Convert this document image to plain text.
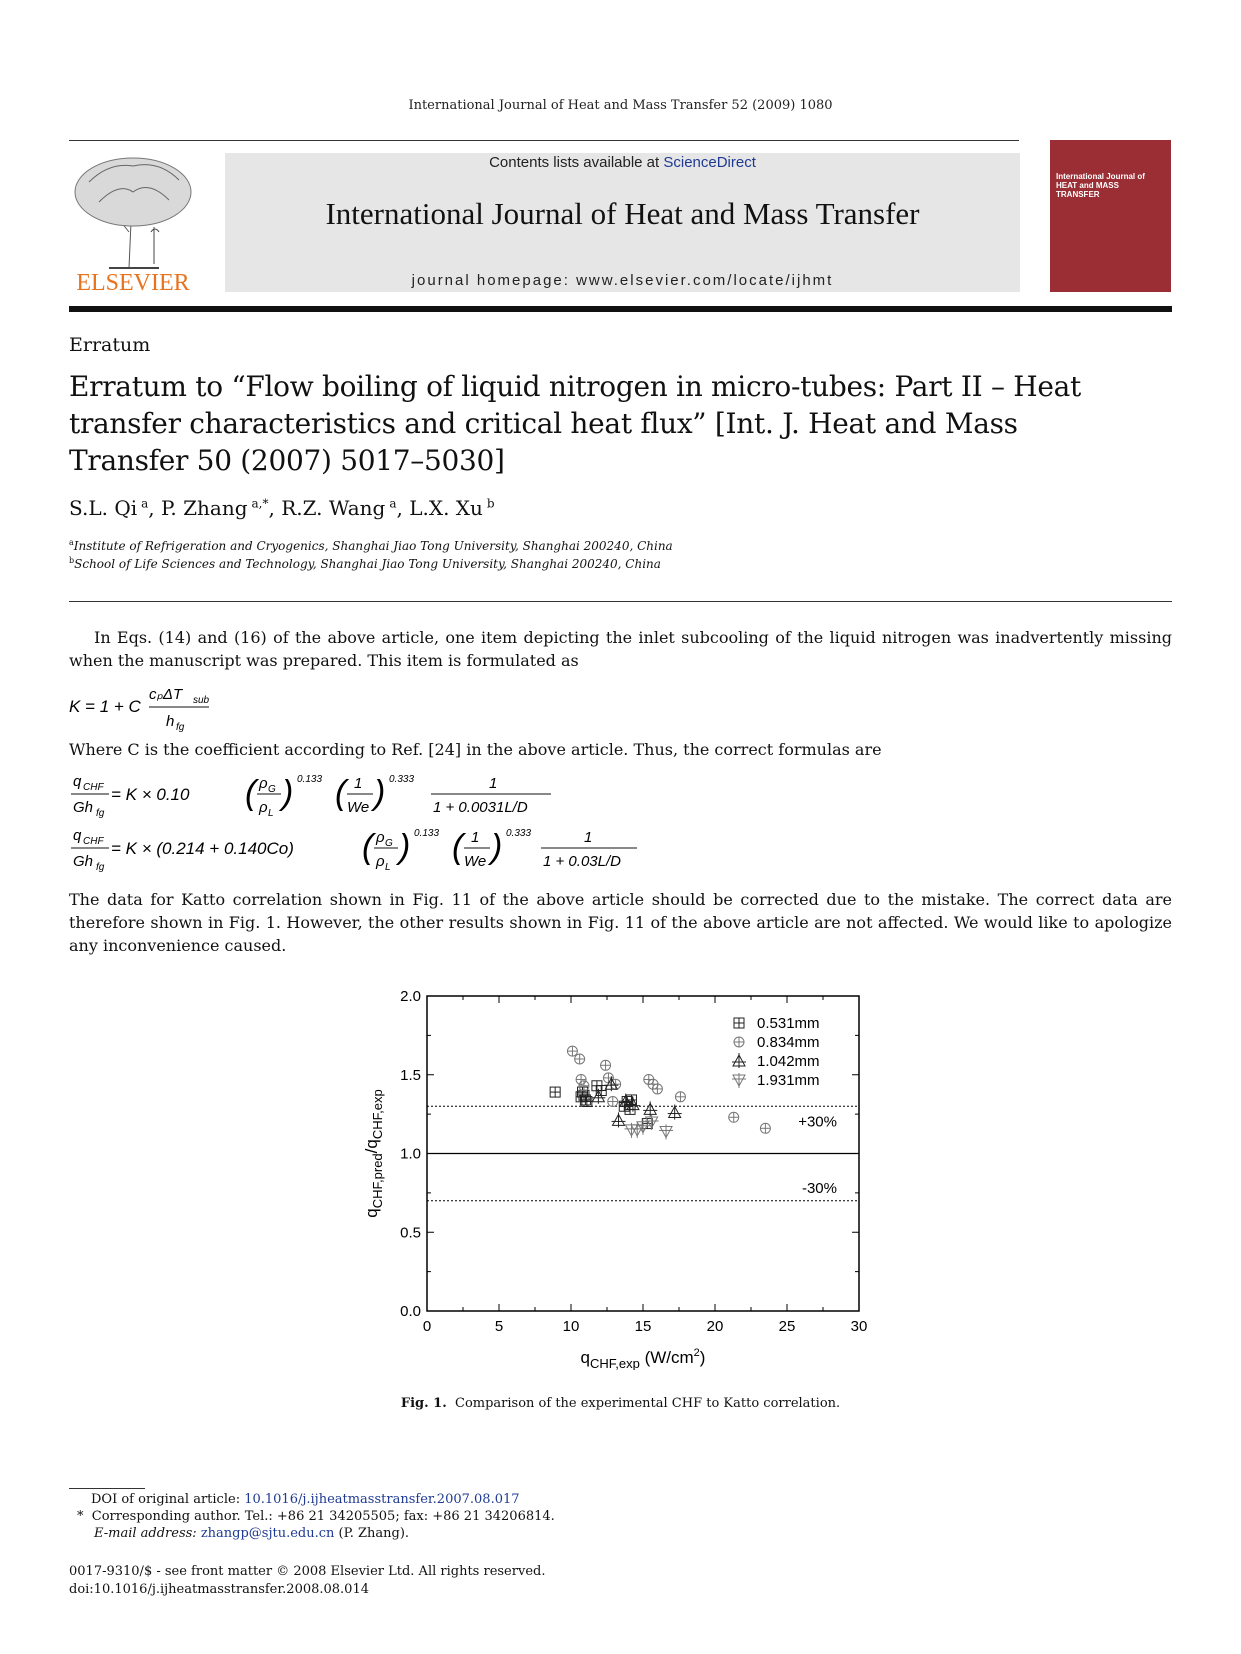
International Journal of Heat and Mass Transfer 52 (2009) 1080
ELSEVIER
Contents lists available at ScienceDirect
International Journal of Heat and Mass Transfer
journal homepage: www.elsevier.com/locate/ijhmt
International Journal of HEAT and MASS TRANSFER
Erratum
Erratum to “Flow boiling of liquid nitrogen in micro-tubes: Part II – Heat transfer characteristics and critical heat flux” [Int. J. Heat and Mass Transfer 50 (2007) 5017–5030]
S.L. Qi  $^a$, P. Zhang  $^{a,*}$, R.Z. Wang  $^a$, L.X. Xu  $^b$
$^a$Institute of Refrigeration and Cryogenics, Shanghai Jiao Tong University, Shanghai 200240, China
$^b$School of Life Sciences and Technology, Shanghai Jiao Tong University, Shanghai 200240, China
In Eqs. (14) and (16) of the above article, one item depicting the inlet subcooling of the liquid nitrogen was inadvertently missing when the manuscript was prepared. This item is formulated as
K = 1 + C
cₚΔT sub
h fg
Where C is the coefficient according to Ref. [24] in the above article. Thus, the correct formulas are
q CHF
Gh fg
= K × 0.10 ( ρ G
ρ L
) 0.133 ( 1
We ) 0.333	1
1 + 0.0031L/D
q CHF
Gh fg
= K × (0.214 + 0.140Co) ( ρ G
ρ L
) 0.133 ( 1
We ) 0.333	1
1 + 0.03L/D
The data for Katto correlation shown in Fig. 11 of the above article should be corrected due to the mistake. The correct data are therefore shown in Fig. 1. However, the other results shown in Fig. 11 of the above article are not affected. We would like to apologize any inconvenience caused.
0	5	10	15	20	25	30
0.0
0.5
1.0
1.5
2.0
+30%
-30%
0.531mm
0.834mm
1.042mm
1.931mm
$q_{CHF,exp}$ $(W/cm^2)$
$q_{CHF,pred}/q_{CHF,exp}$
Fig. 1. Comparison of the experimental CHF to Katto correlation.
DOI of original article: 10.1016/j.ijheatmasstransfer.2007.08.017
* Corresponding author. Tel.: +86 21 34205505; fax: +86 21 34206814.
E-mail address: zhangp@sjtu.edu.cn (P. Zhang).
0017-9310/$ - see front matter © 2008 Elsevier Ltd. All rights reserved.
doi:10.1016/j.ijheatmasstransfer.2008.08.014
